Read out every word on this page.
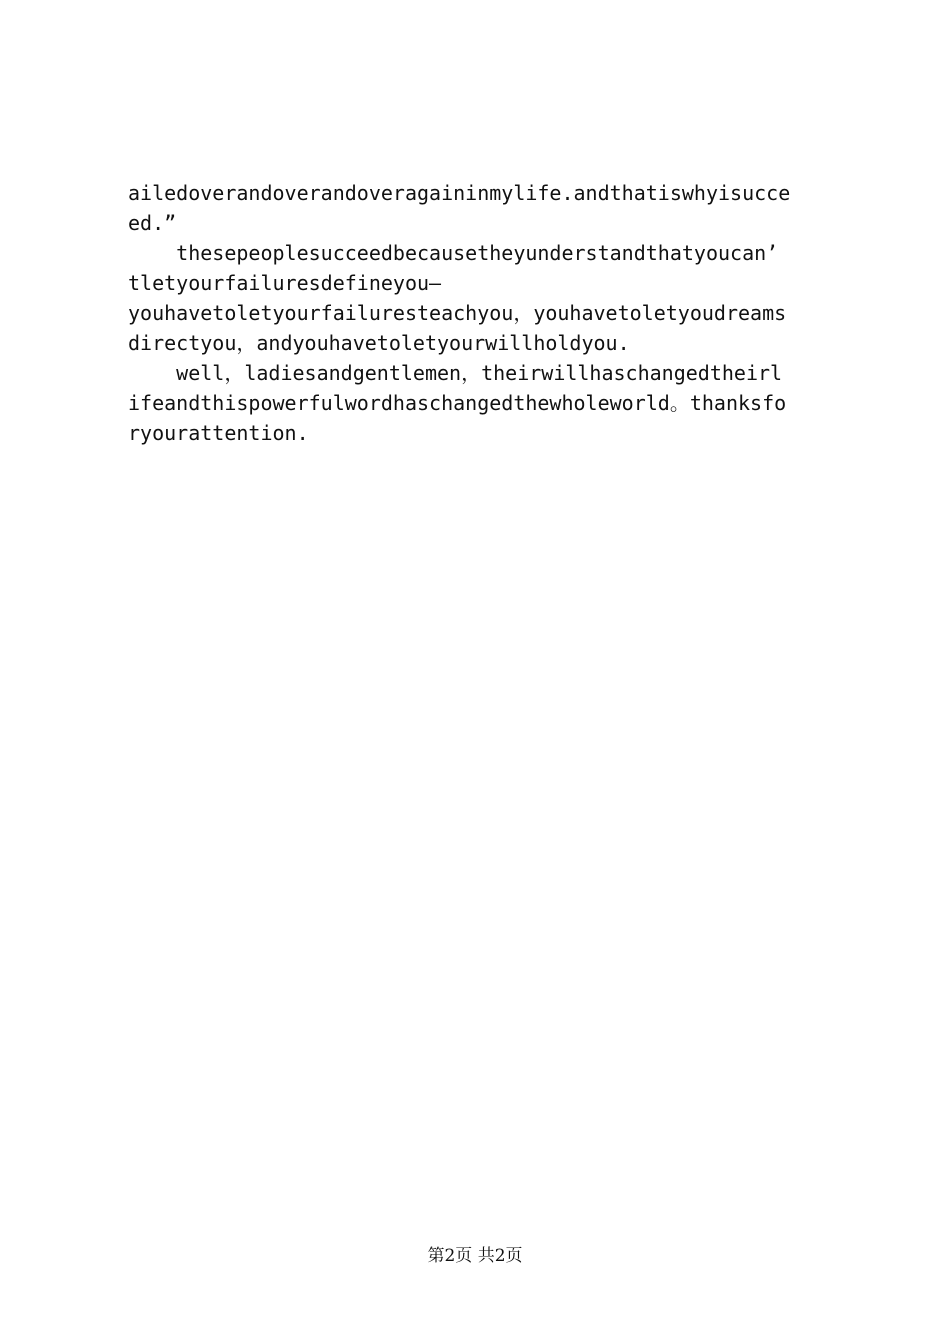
ailedoverandoverandoveragaininmylife.andthatiswhyisucce
ed.”
thesepeoplesucceedbecausetheyunderstandthatyoucan’
tletyourfailuresdefineyou—
youhavetoletyourfailuresteachyou，youhavetoletyoudreams
directyou，andyouhavetoletyourwillholdyou.
well，ladiesandgentlemen，theirwillhaschangedtheirl
ifeandthispowerfulwordhaschangedthewholeworld。thanksfo
ryourattention.
第2页 共2页
